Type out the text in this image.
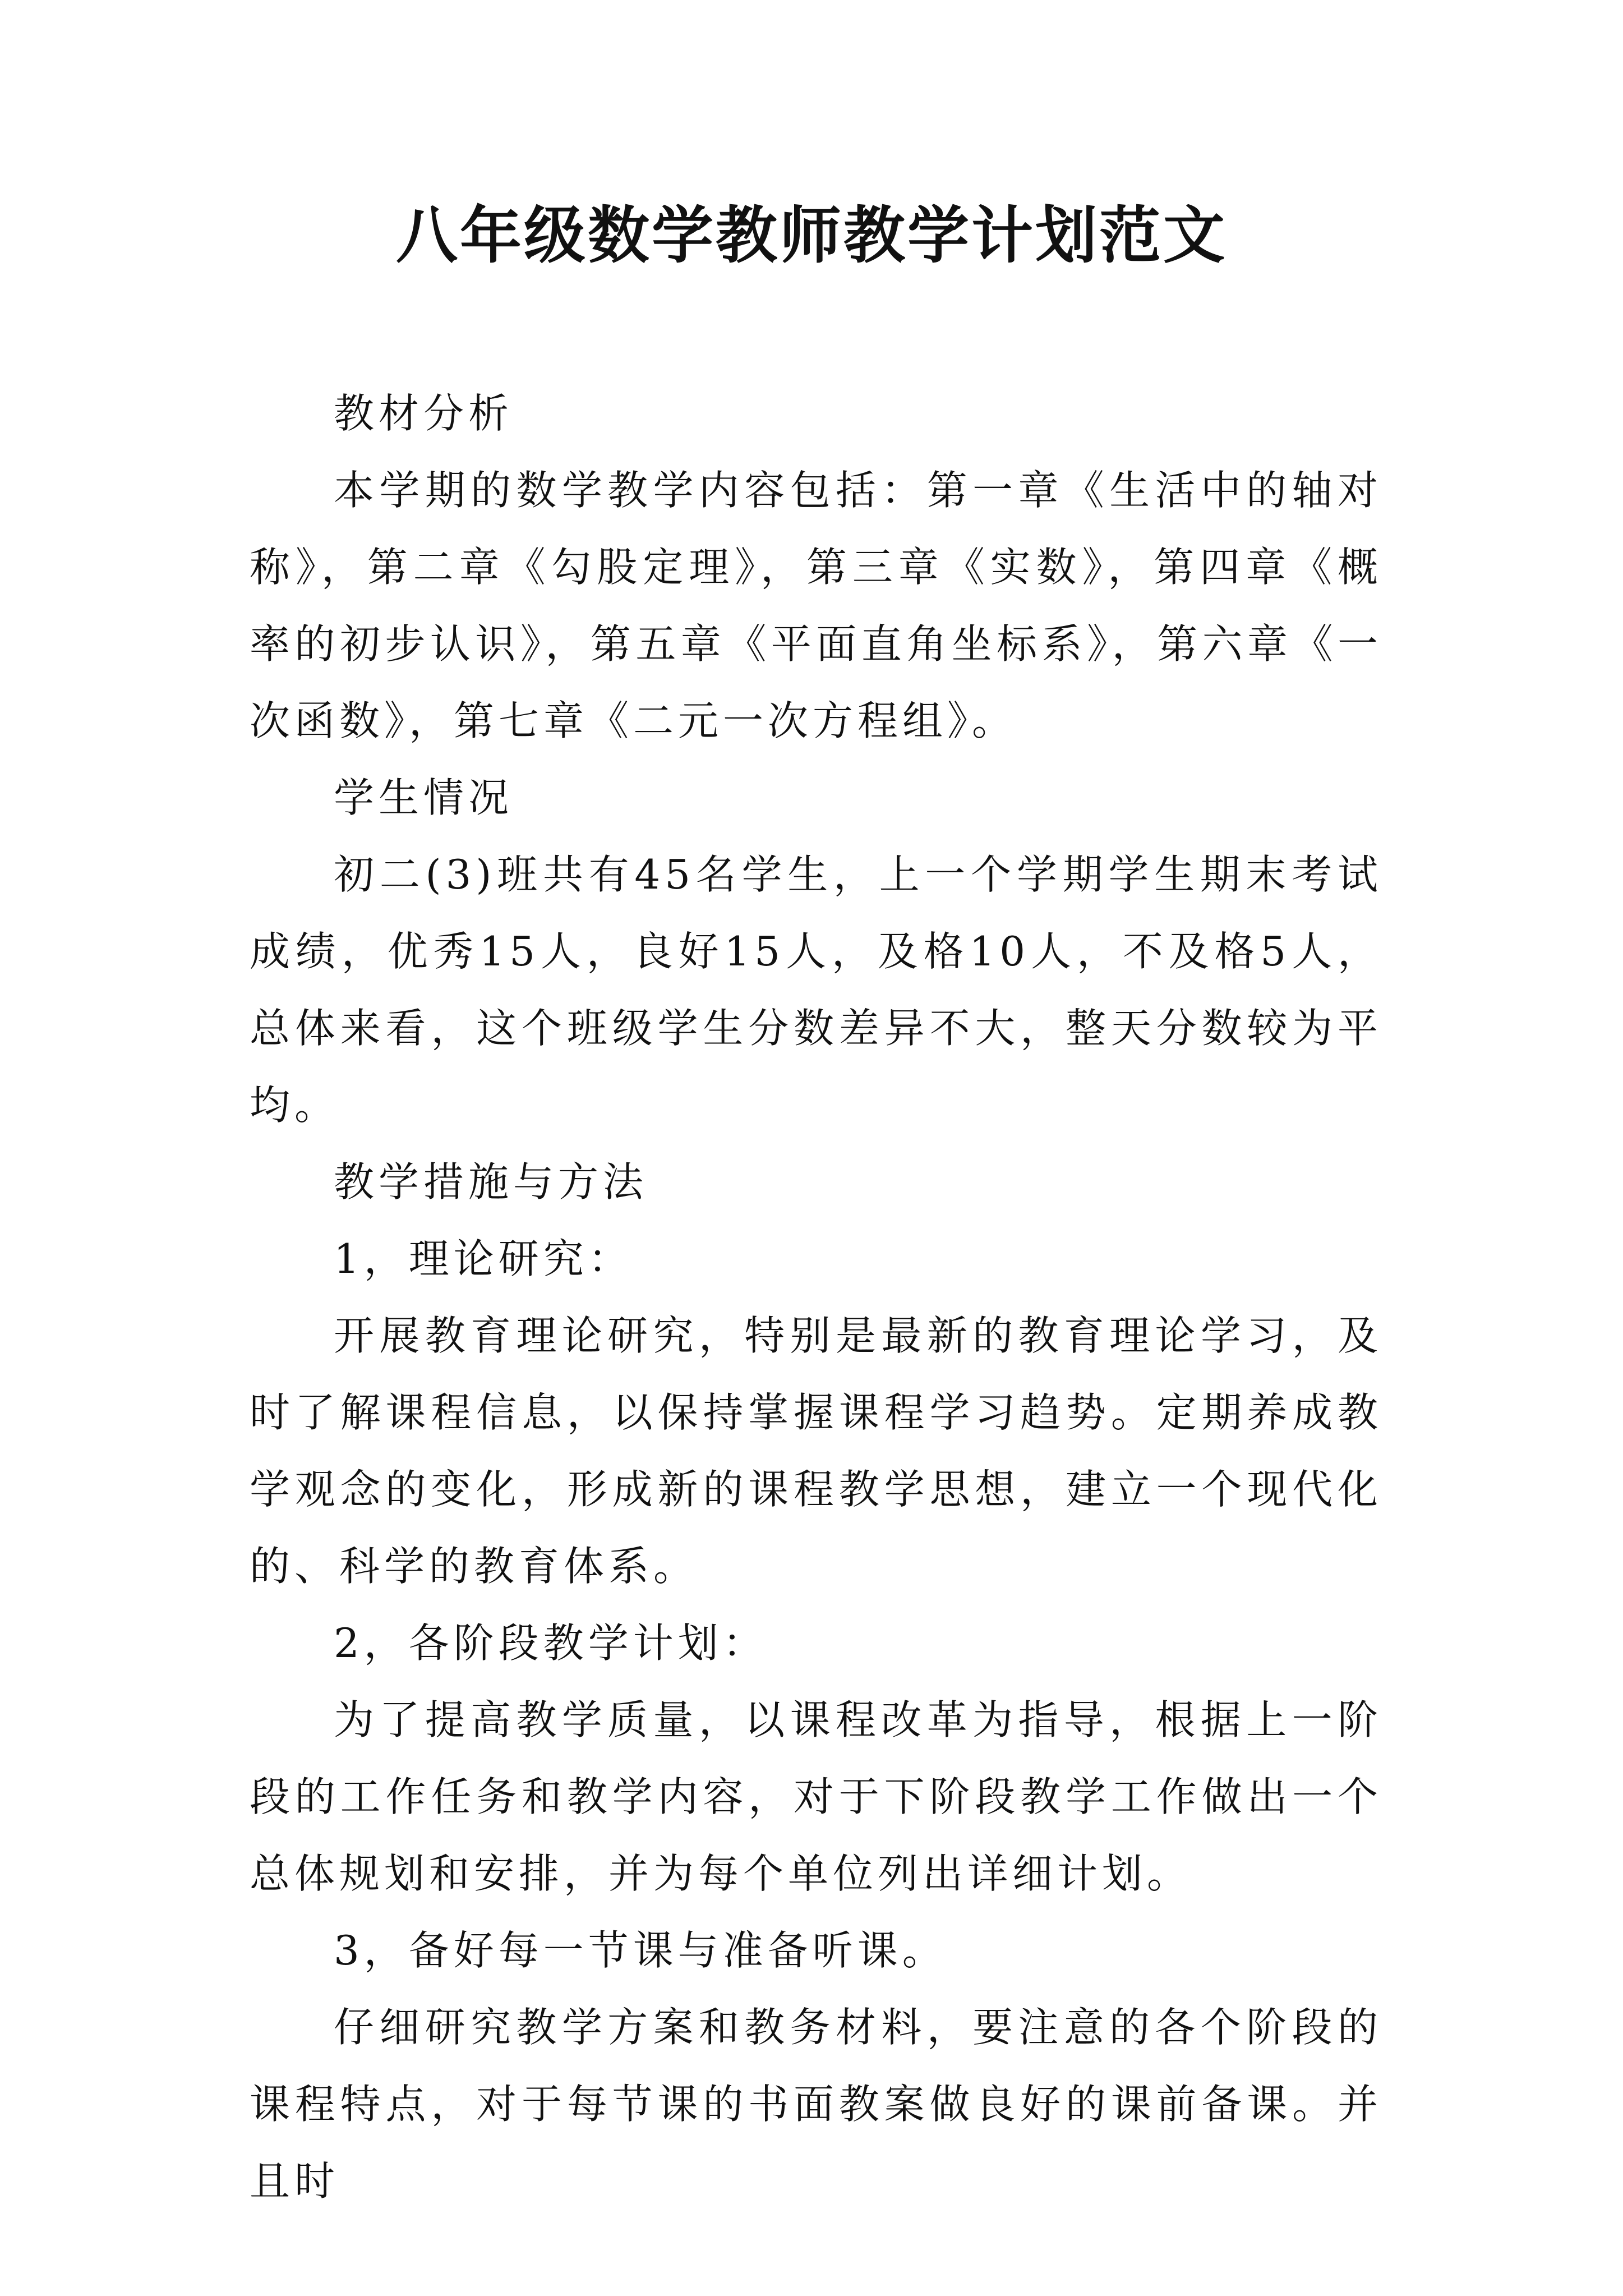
八年级数学教师教学计划范文

教材分析

本学期的数学教学内容包括：第一章《生活中的轴对称》，第二章《勾股定理》，第三章《实数》，第四章《概率的初步认识》，第五章《平面直角坐标系》，第六章《一次函数》，第七章《二元一次方程组》。

学生情况

初二(3)班共有45名学生，上一个学期学生期末考试成绩，优秀15人，良好15人，及格10人，不及格5人，总体来看，这个班级学生分数差异不大，整天分数较为平均。

教学措施与方法

1，理论研究：

开展教育理论研究，特别是最新的教育理论学习，及时了解课程信息，以保持掌握课程学习趋势。定期养成教学观念的变化，形成新的课程教学思想，建立一个现代化的、科学的教育体系。

2，各阶段教学计划：

为了提高教学质量，以课程改革为指导，根据上一阶段的工作任务和教学内容，对于下阶段教学工作做出一个总体规划和安排，并为每个单位列出详细计划。

3，备好每一节课与准备听课。

仔细研究教学方案和教务材料，要注意的各个阶段的课程特点，对于每节课的书面教案做良好的课前备课。并且时
